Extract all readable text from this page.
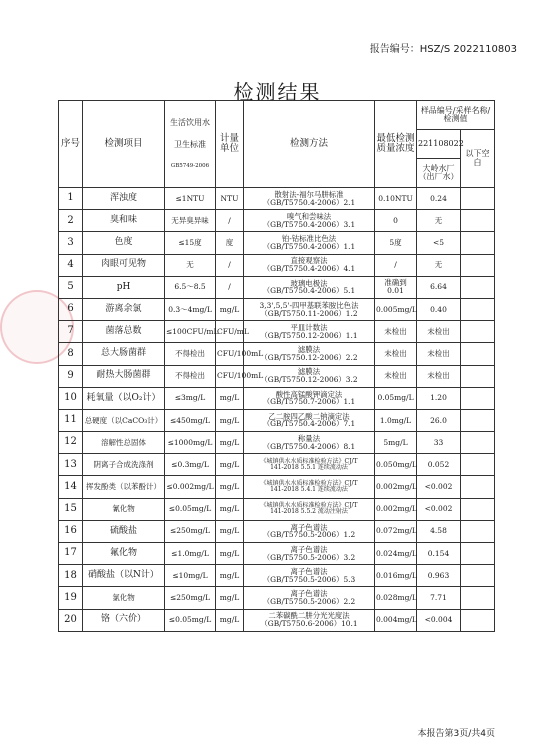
报告编号：HSZ/S 2022110803
检测结果
序号	检测项目	生活饮用水
卫生标准
GB5749-2006	计量单位	检测方法	最低检测质量浓度	样品编号/采样名称/检测值	
						221108022	以下空白
						大岭水厂（出厂水）	
1	浑浊度	≤1NTU	NTU	散射法-福尔马肼标准
（GB/T5750.4-2006）2.1	0.10NTU	0.24	
2	臭和味	无异臭异味	/	嗅气和尝味法
（GB/T5750.4-2006）3.1	0	无	
3	色度	≤15度	度	铂-钴标准比色法
（GB/T5750.4-2006）1.1	5度	<5	
4	肉眼可见物	无	/	直接观察法
（GB/T5750.4-2006）4.1	/	无	
5	pH	6.5～8.5	/	玻璃电极法
（GB/T5750.4-2006）5.1	准确到0.01	6.64	
6	游离余氯	0.3～4mg/L	mg/L	3,3',5,5'-四甲基联苯胺比色法
（GB/T5750.11-2006）1.2	0.005mg/L	0.40	
7	菌落总数	≤100CFU/mL	CFU/mL	平皿计数法
（GB/T5750.12-2006）1.1	未检出	未检出	
8	总大肠菌群	不得检出	CFU/100mL	滤膜法
（GB/T5750.12-2006）2.2	未检出	未检出	
9	耐热大肠菌群	不得检出	CFU/100mL	滤膜法
（GB/T5750.12-2006）3.2	未检出	未检出	
10	耗氧量（以O₂计）	≤3mg/L	mg/L	酸性高锰酸钾滴定法
（GB/T5750.7-2006）1.1	0.05mg/L	1.20	
11	总硬度（以CaCO₃计）	≤450mg/L	mg/L	乙二胺四乙酸二钠滴定法
（GB/T5750.4-2006）7.1	1.0mg/L	26.0	
12	溶解性总固体	≤1000mg/L	mg/L	称量法
（GB/T5750.4-2006）8.1	5mg/L	33	
13	阴离子合成洗涤剂	≤0.3mg/L	mg/L	《城镇供水水质标准检验方法》CJ/T
141-2018 5.5.1 连续流动法	0.050mg/L	0.052	
14	挥发酚类（以苯酚计）	≤0.002mg/L	mg/L	《城镇供水水质标准检验方法》CJ/T
141-2018 5.4.1 连续流动法	0.002mg/L	<0.002	
15	氰化物	≤0.05mg/L	mg/L	《城镇供水水质标准检验方法》CJ/T
141-2018 5.5.2 流动注射法	0.002mg/L	<0.002	
16	硫酸盐	≤250mg/L	mg/L	离子色谱法
（GB/T5750.5-2006）1.2	0.072mg/L	4.58	
17	氟化物	≤1.0mg/L	mg/L	离子色谱法
（GB/T5750.5-2006）3.2	0.024mg/L	0.154	
18	硝酸盐（以N计）	≤10mg/L	mg/L	离子色谱法
（GB/T5750.5-2006）5.3	0.016mg/L	0.963	
19	氯化物	≤250mg/L	mg/L	离子色谱法
（GB/T5750.5-2006）2.2	0.028mg/L	7.71	
20	铬（六价）	≤0.05mg/L	mg/L	二苯碳酰二肼分光光度法
（GB/T5750.6-2006）10.1	0.004mg/L	<0.004	
本报告第3页/共4页
